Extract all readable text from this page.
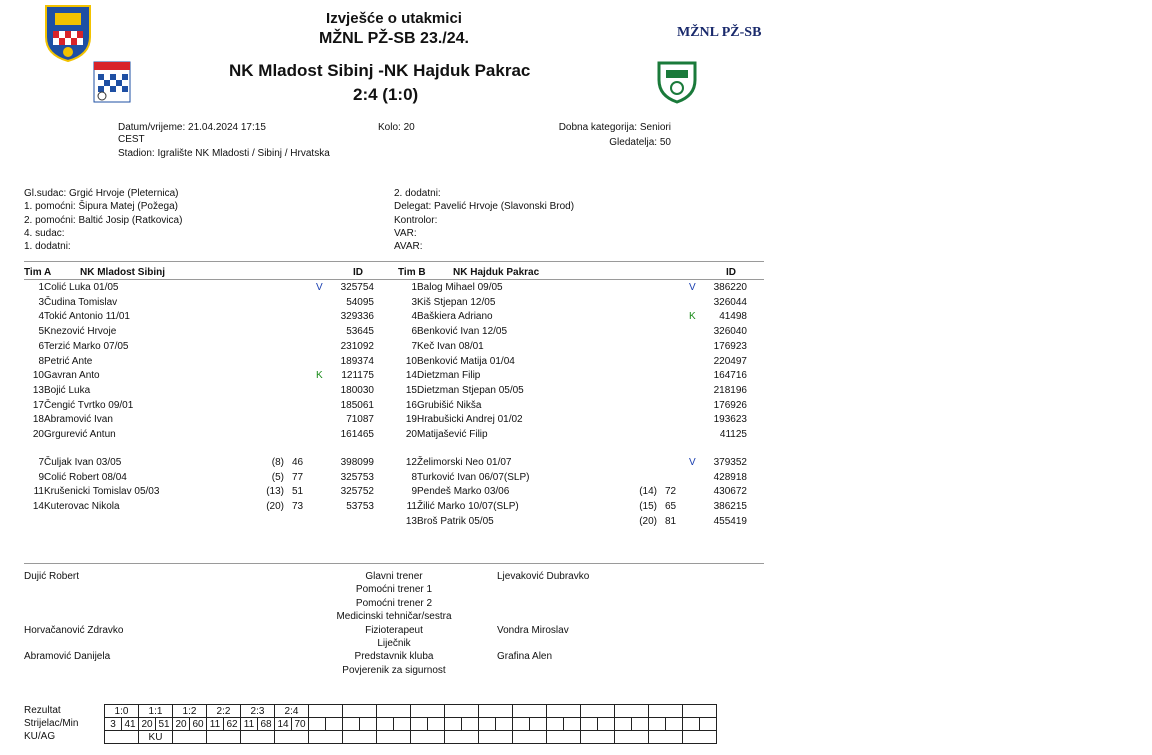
Izvješće o utakmici
MŽNL PŽ-SB 23./24.	MŽNL PŽ-SB
NK Mladost Sibinj -NK Hajduk Pakrac
2:4 (1:0)
Datum/vrijeme: 21.04.2024 17:15
CEST
Stadion: Igralište NK Mladosti / Sibinj / Hrvatska
Kolo: 20	Dobna kategorija: Seniori
Gledatelja: 50
Gl.sudac: Grgić Hrvoje (Pleternica)
1. pomoćni: Šipura Matej (Požega)
2. pomoćni: Baltić Josip (Ratkovica)
4. sudac:
1. dodatni:
2. dodatni:
Delegat: Pavelić Hrvoje (Slavonski Brod)
Kontrolor:
VAR:
AVAR:
Tim A	NK Mladost Sibinj	ID	Tim B	NK Hajduk Pakrac	ID
1 Colić Luka 01/05	V	325754
3 Čudina Tomislav	54095
4 Tokić Antonio 11/01	329336
5 Knezović Hrvoje	53645
6 Terzić Marko 07/05	231092
8 Petrić Ante	189374
10 Gavran Anto	K	121175
13 Bojić Luka	180030
17 Čengić Tvrtko 09/01	185061
18 Abramović Ivan	71087
20 Grgurević Antun	161465
7 Čuljak Ivan 03/05	(8) 46	398099
9 Colić Robert 08/04	(5) 77	325753
11 Krušenicki Tomislav 05/03	(13) 51	325752
14 Kuterovac Nikola	(20) 73	53753
1 Balog Mihael 09/05	V	386220
3 Kiš Stjepan 12/05	326044
4 Baškiera Adriano	K	41498
6 Benković Ivan 12/05	326040
7 Keč Ivan 08/01	176923
10 Benković Matija 01/04	220497
14 Dietzman Filip	164716
15 Dietzman Stjepan 05/05	218196
16 Grubišić Nikša	176926
19 Hrabušicki Andrej 01/02	193623
20 Matijašević Filip	41125
12 Želimorski Neo 01/07	V	379352
8 Turković Ivan 06/07(SLP)	428918
9 Pendeš Marko 03/06	(14) 72	430672
11 Žilić Marko 10/07(SLP)	(15) 65	386215
13 Broš Patrik 05/05	(20) 81	455419
Glavni trener
Dujić Robert	Ljevaković Dubravko
Pomoćni trener 1
Pomoćni trener 2
Medicinski tehničar/sestra
Fizioterapeut
Horvačanović Zdravko	Vondra Miroslav
Liječnik
Predstavnik kluba
Abramović Danijela	Grafina Alen
Povjerenik za sigurnost
Rezultat
Strijelac/Min
KU/AG
1:0		1:1		1:2		2:2		2:3		2:4																									
3	41	20	51	20	60	11	62	11	68	14	70																								
		KU																																	
